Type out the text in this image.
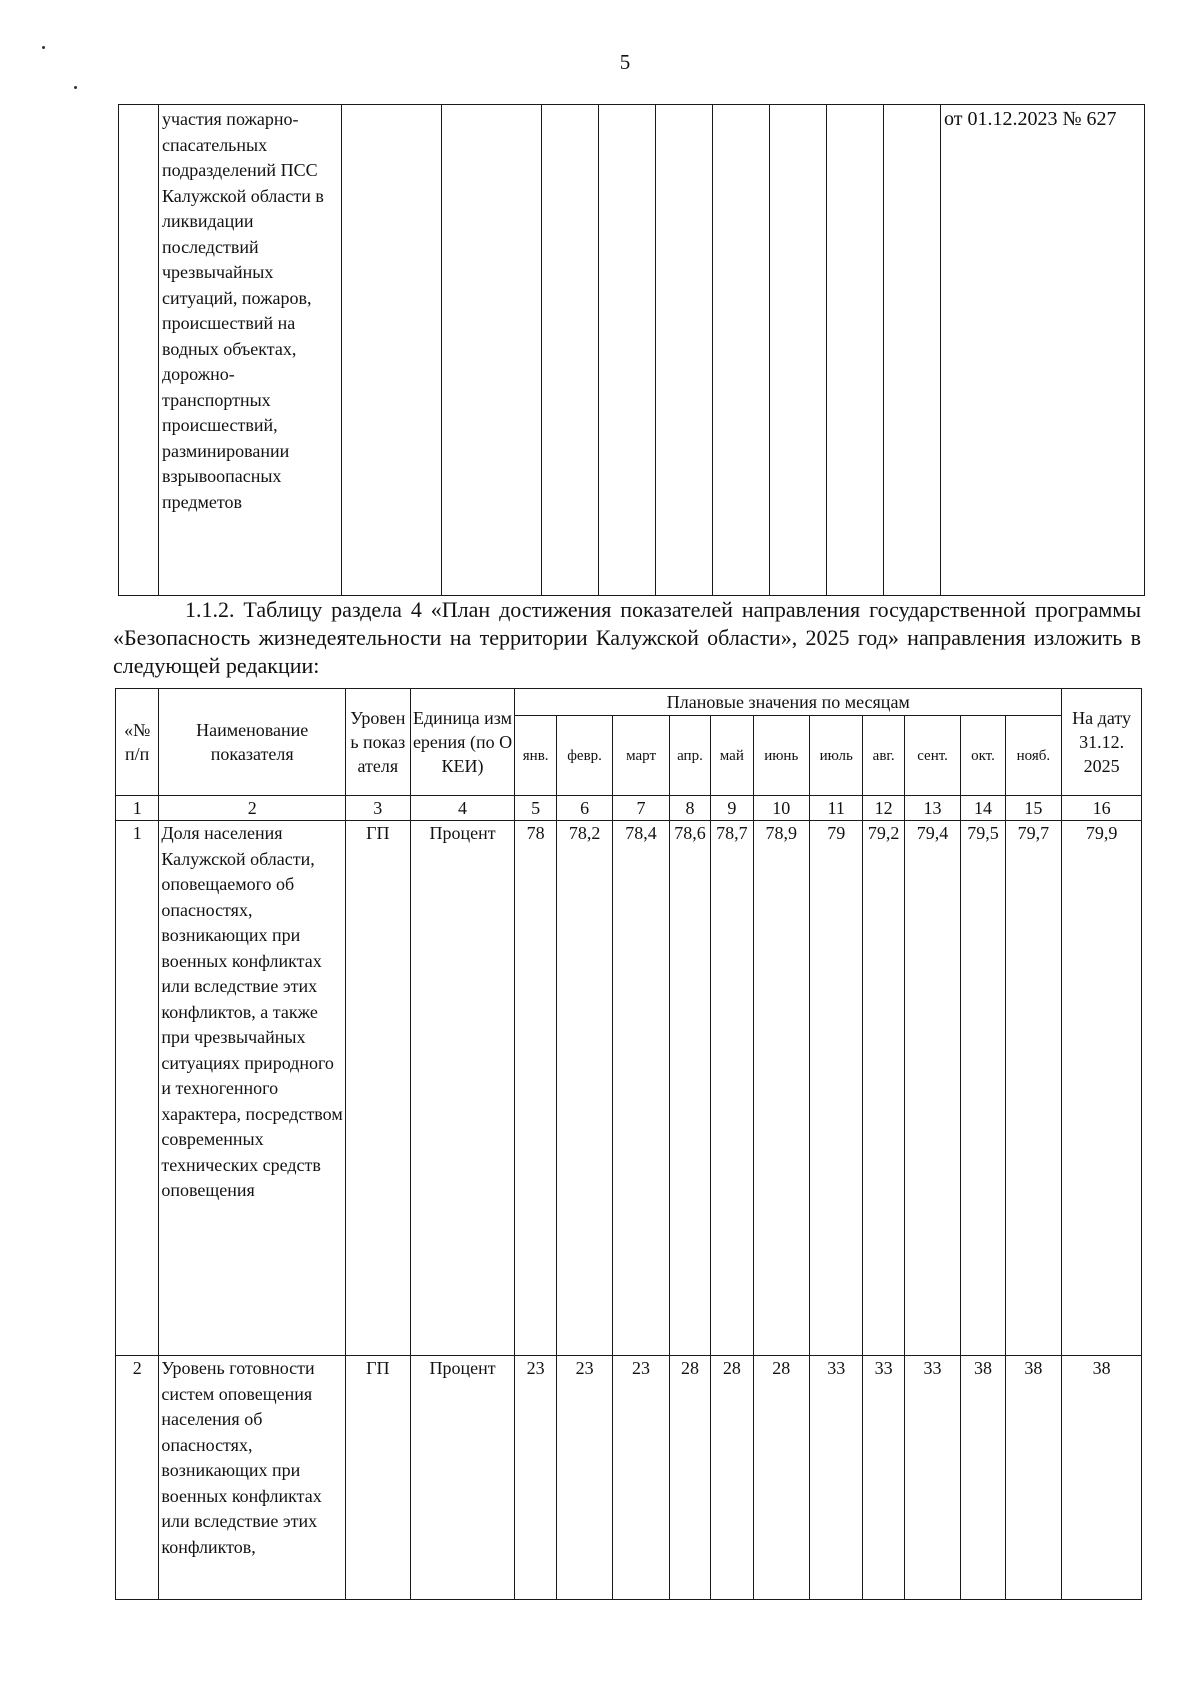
5
	участия пожарно-спасательных подразделений ПСС Калужской области в ликвидации последствий чрезвычайных ситуаций, пожаров, происшествий на водных объектах, дорожно-транспортных происшествий, разминировании взрывоопасных предметов										от 01.12.2023 № 627
1.1.2. Таблицу раздела 4 «План достижения показателей направления государственной программы «Безопасность жизнедеятельности на территории Калужской области», 2025 год» направления изложить в следующей редакции:
«№ п/п	Наименование показателя	Уровень показателя	Единица измерения (по ОКЕИ)	Плановые значения по месяцам											На дату 31.12. 2025
				янв.	февр.	март	апр.	май	июнь	июль	авг.	сент.	окт.	нояб.	
1	2	3	4	5	6	7	8	9	10	11	12	13	14	15	16
1	Доля населения Калужской области, оповещаемого об опасностях, возникающих при военных конфликтах или вследствие этих конфликтов, а также при чрезвычайных ситуациях природного и техногенного характера, посредством современных технических средств оповещения	ГП	Процент	78	78,2	78,4	78,6	78,7	78,9	79	79,2	79,4	79,5	79,7	79,9
2	Уровень готовности систем оповещения населения об опасностях, возникающих при военных конфликтах или вследствие этих конфликтов,	ГП	Процент	23	23	23	28	28	28	33	33	33	38	38	38
